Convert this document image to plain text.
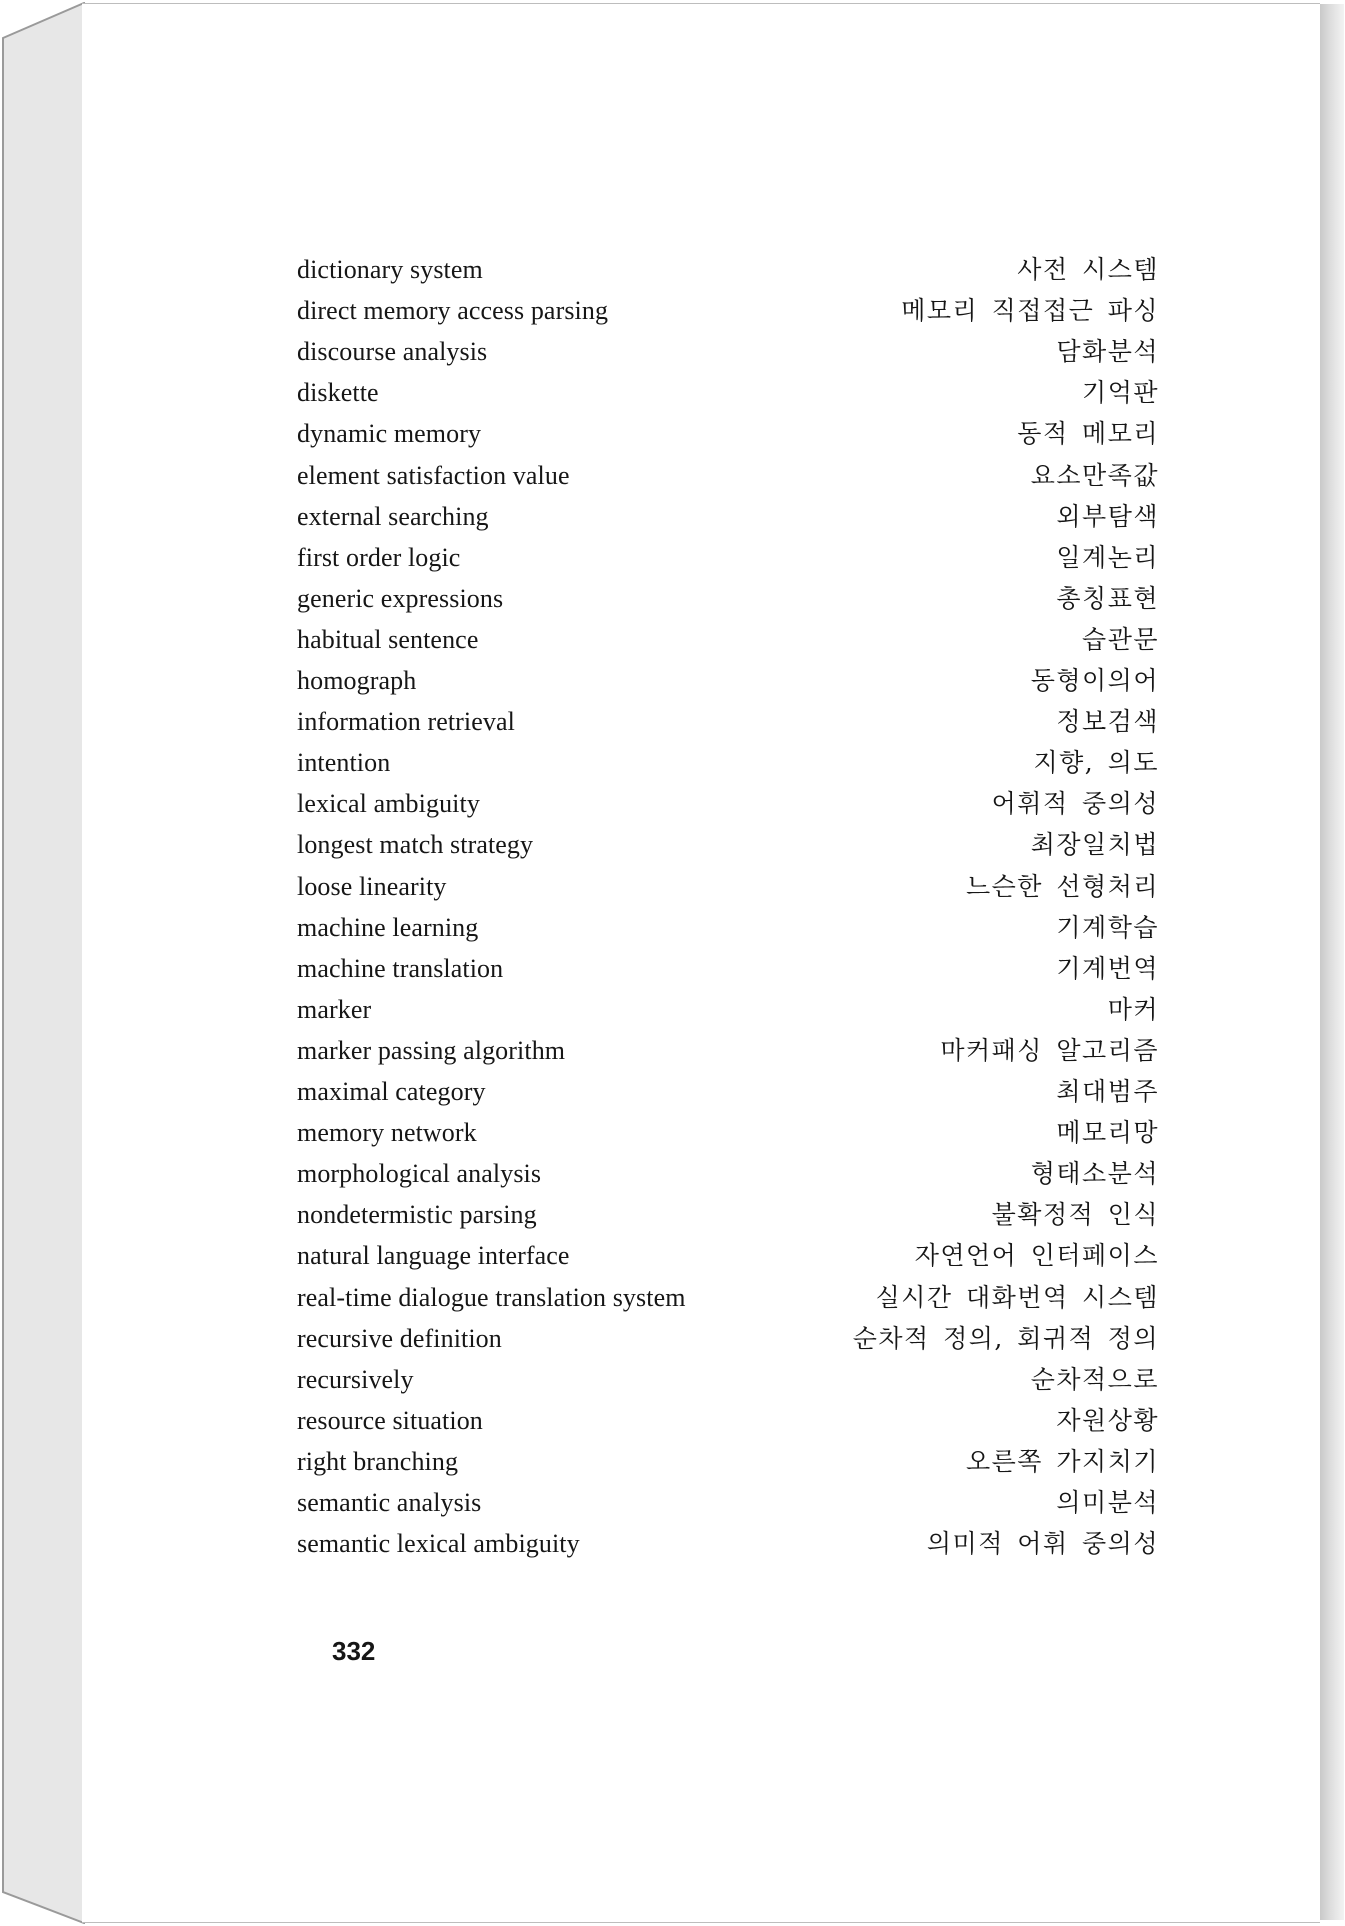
dictionary system	사전 시스템
direct memory access parsing	메모리 직접접근 파싱
discourse analysis	담화분석
diskette	기억판
dynamic memory	동적 메모리
element satisfaction value	요소만족값
external searching	외부탐색
first order logic	일계논리
generic expressions	총칭표현
habitual sentence	습관문
homograph	동형이의어
information retrieval	정보검색
intention	지향, 의도
lexical ambiguity	어휘적 중의성
longest match strategy	최장일치법
loose linearity	느슨한 선형처리
machine learning	기계학습
machine translation	기계번역
marker	마커
marker passing algorithm	마커패싱 알고리즘
maximal category	최대범주
memory network	메모리망
morphological analysis	형태소분석
nondetermistic parsing	불확정적 인식
natural language interface	자연언어 인터페이스
real-time dialogue translation system	실시간 대화번역 시스템
recursive definition	순차적 정의, 회귀적 정의
recursively	순차적으로
resource situation	자원상황
right branching	오른쪽 가지치기
semantic analysis	의미분석
semantic lexical ambiguity	의미적 어휘 중의성
332
